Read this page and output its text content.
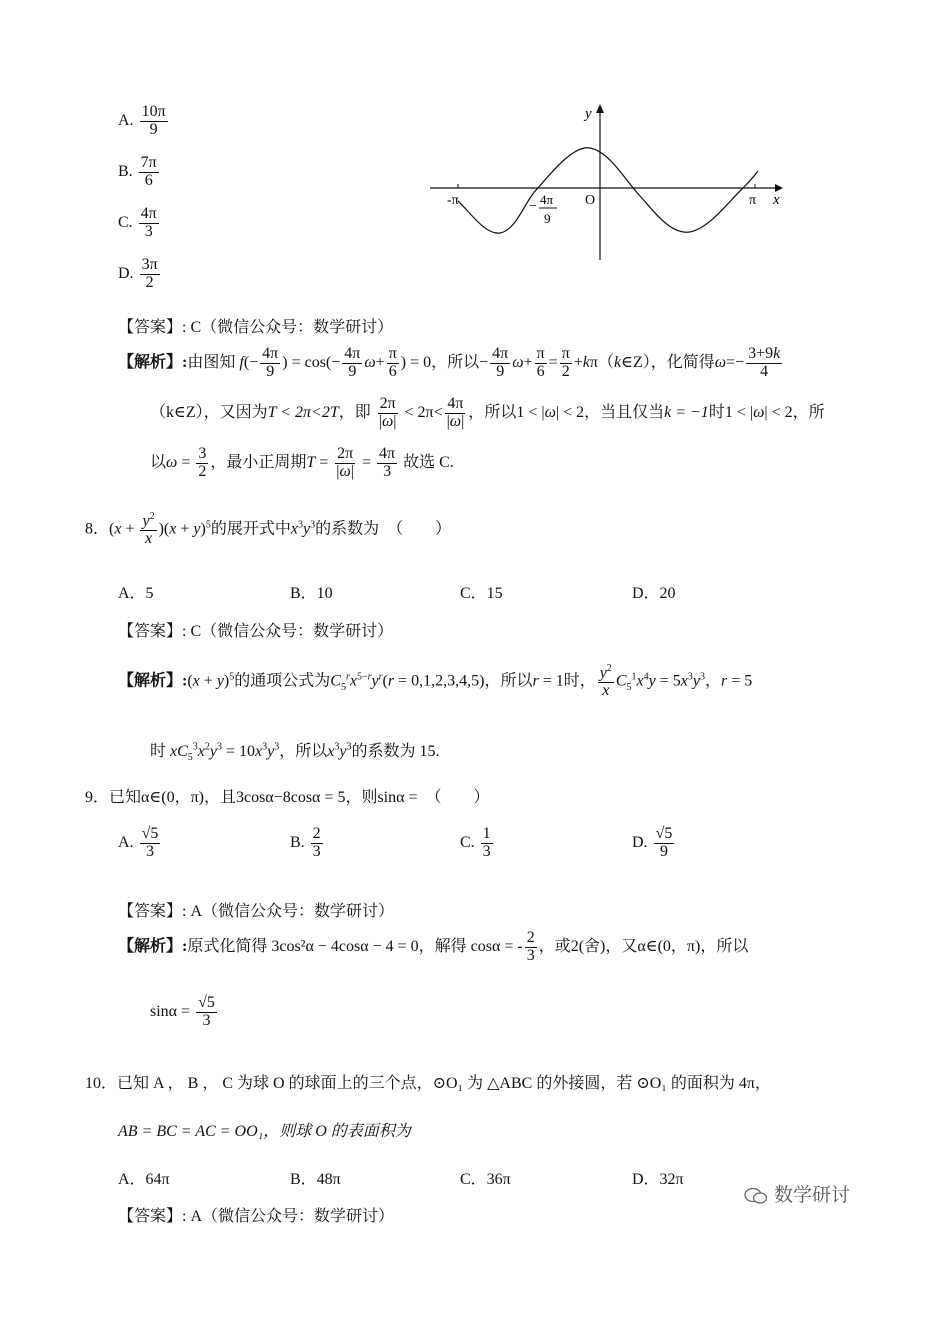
A. $\frac{10\pi}{9}$
B. $\frac{7\pi}{6}$
C. $\frac{4\pi}{3}$
D. $\frac{3\pi}{2}$
y
x
O
-π	π
− 4π
9
【答案】: C（微信公众号：数学研讨）
【解析】:由图知 $f(- \frac{4\pi}{9}$ ) = $\cos(- \frac{4\pi}{9} \omega+ \frac{\pi}{6}$ ) = 0，所以− $\frac{4\pi}{9} \omega+ \frac{\pi}{6} = \frac{\pi}{2}$ +kπ（k∈Z），化简得$\omega=- \frac{3+9k}{4}$
（k∈Z），又因为T < 2π<2T，即 $\frac{2\pi}{|\omega|} < 2\pi< \frac{4\pi}{|\omega|}$ ，所以1 < |ω| < 2，当且仅当k = −1时1 < |ω| < 2，所
以$\omega = \frac{3}{2}$ ，最小正周期$T = \frac{2\pi}{|\omega|} = \frac{4\pi}{3}$ 故选 C.
8．$(x + \frac{y^2}{x} )(x + y)^5$的展开式中$x^3y^3$的系数为　（　　）
A．5	B．10	C．15	D．20
【答案】: C（微信公众号：数学研讨）
【解析】:(x + y)$^5$的通项公式为$C_5^rx^{5-r}y^r(r = 0,1,2,3,4,5)$，所以r = 1时， $\frac{y^2}{x} C_5^1x^4y = 5x^3y^3$，r = 5
时 $xC_5^3x^2y^3 = 10x^3y^3$，所以$x^3y^3$的系数为 15.
9．已知α∈(0，π)，且3cosα−8cosα = 5，则sinα =　（　　）
A. $\frac{√5}{3}$	B. $\frac{2}{3}$	C. $\frac{1}{3}$	D. $\frac{√5}{9}$
【答案】: A（微信公众号：数学研讨）
【解析】:原式化简得 3cos²α − 4cosα − 4 = 0，解得 cosα = - $\frac{2}{3}$ ，或2(舍)，又α∈(0，π)，所以
$\sin\alpha = \frac{√5}{3}$
10．已知 A ， B ， C 为球 O 的球面上的三个点，⊙O₁ 为 △ABC 的外接圆，若 ⊙O₁ 的面积为 4π，
AB = BC = AC = OO₁，则球 O 的表面积为
A．64π	B．48π	C．36π	D．32π
【答案】: A（微信公众号：数学研讨）
数学研讨
